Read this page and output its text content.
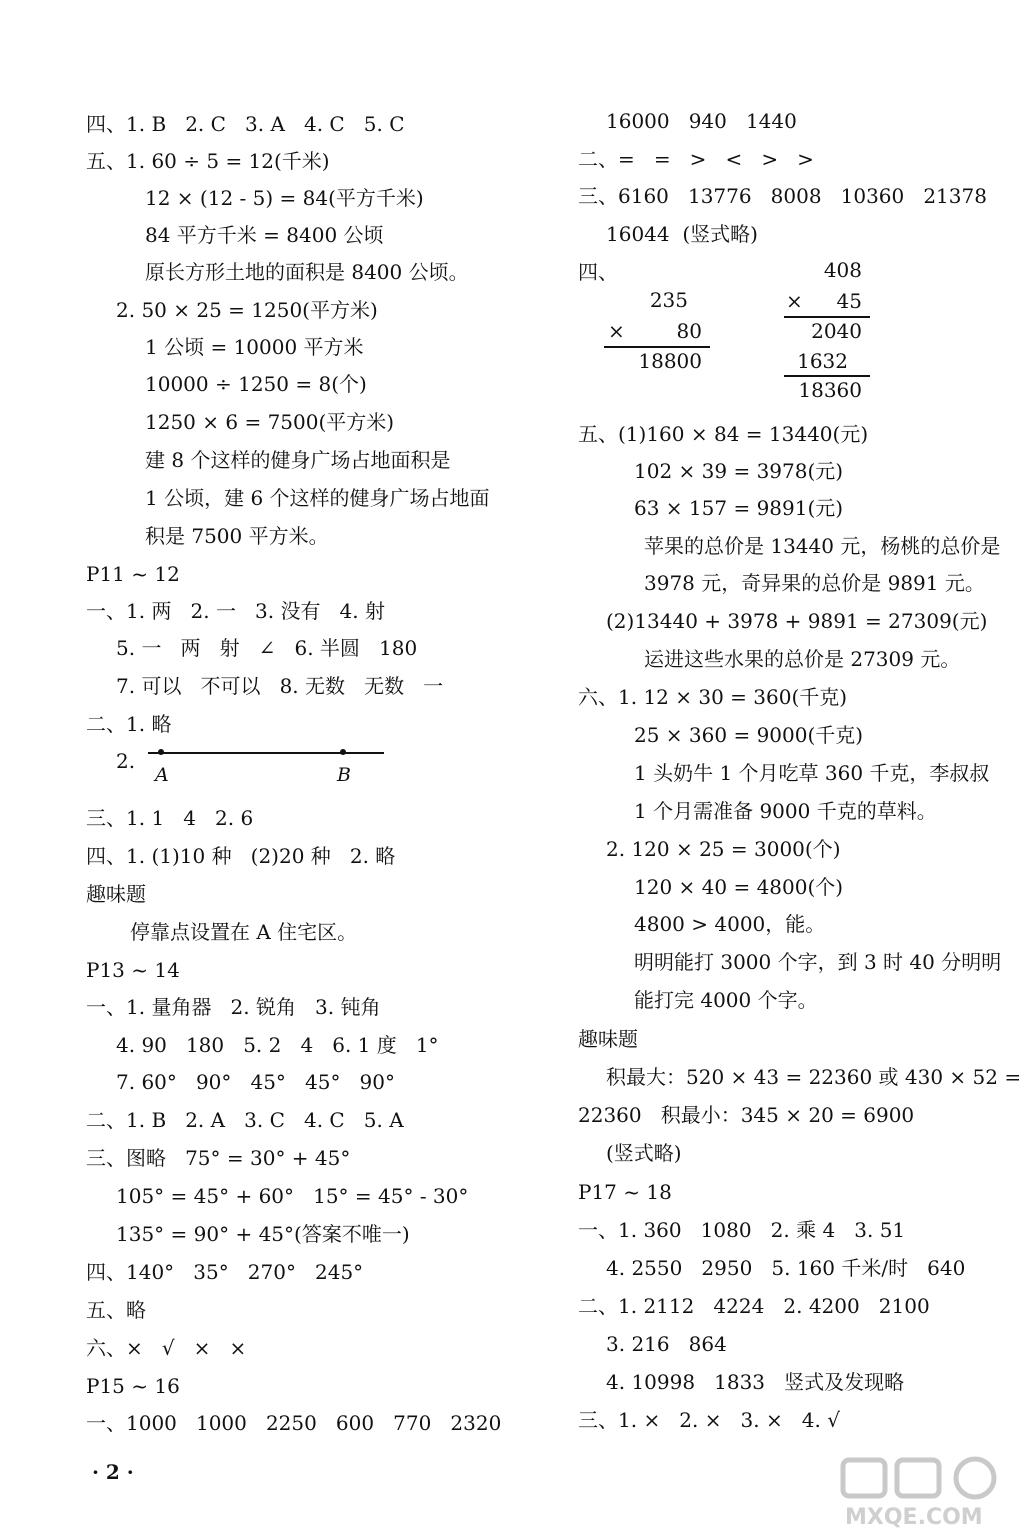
四、1. B   2. C   3. A   4. C   5. C
五、1. 60 ÷ 5 = 12(千米)
12 × (12 - 5) = 84(平方千米)
84 平方千米 = 8400 公顷
原长方形土地的面积是 8400 公顷。
2. 50 × 25 = 1250(平方米)
1 公顷 = 10000 平方米
10000 ÷ 1250 = 8(个)
1250 × 6 = 7500(平方米)
建 8 个这样的健身广场占地面积是
1 公顷，建 6 个这样的健身广场占地面
积是 7500 平方米。
P11 ~ 12
一、1. 两   2. 一   3. 没有   4. 射
5. 一   两   射   ∠   6. 半圆   180
7. 可以   不可以   8. 无数   无数   一
二、1. 略
2.
A	B
三、1. 1   4   2. 6
四、1. (1)10 种   (2)20 种   2. 略
趣味题
停靠点设置在 A 住宅区。
P13 ~ 14
一、1. 量角器   2. 锐角   3. 钝角
4. 90   180   5. 2   4   6. 1 度   1°
7. 60°   90°   45°   45°   90°
二、1. B   2. A   3. C   4. C   5. A
三、图略   75° = 30° + 45°
105° = 45° + 60°   15° = 45° - 30°
135° = 90° + 45°(答案不唯一)
四、140°   35°   270°   245°
五、略
六、×   √   ×   ×
P15 ~ 16
一、1000   1000   2250   600   770   2320
16000   940   1440
二、=   =   >   <   >   >
三、6160   13776   8008   10360   21378
16044  (竖式略)
四、
235
×	80
18800
408
× 45
2040
1632
18360
五、(1)160 × 84 = 13440(元)
102 × 39 = 3978(元)
63 × 157 = 9891(元)
苹果的总价是 13440 元，杨桃的总价是
3978 元，奇异果的总价是 9891 元。
(2)13440 + 3978 + 9891 = 27309(元)
运进这些水果的总价是 27309 元。
六、1. 12 × 30 = 360(千克)
25 × 360 = 9000(千克)
1 头奶牛 1 个月吃草 360 千克，李叔叔
1 个月需准备 9000 千克的草料。
2. 120 × 25 = 3000(个)
120 × 40 = 4800(个)
4800 > 4000，能。
明明能打 3000 个字，到 3 时 40 分明明
能打完 4000 个字。
趣味题
积最大：520 × 43 = 22360 或 430 × 52 =
22360   积最小：345 × 20 = 6900
(竖式略)
P17 ~ 18
一、1. 360   1080   2. 乘 4   3. 51
4. 2550   2950   5. 160 千米/时   640
二、1. 2112   4224   2. 4200   2100
3. 216   864
4. 10998   1833   竖式及发现略
三、1. ×   2. ×   3. ×   4. √
· 2 ·
MXQE.COM
